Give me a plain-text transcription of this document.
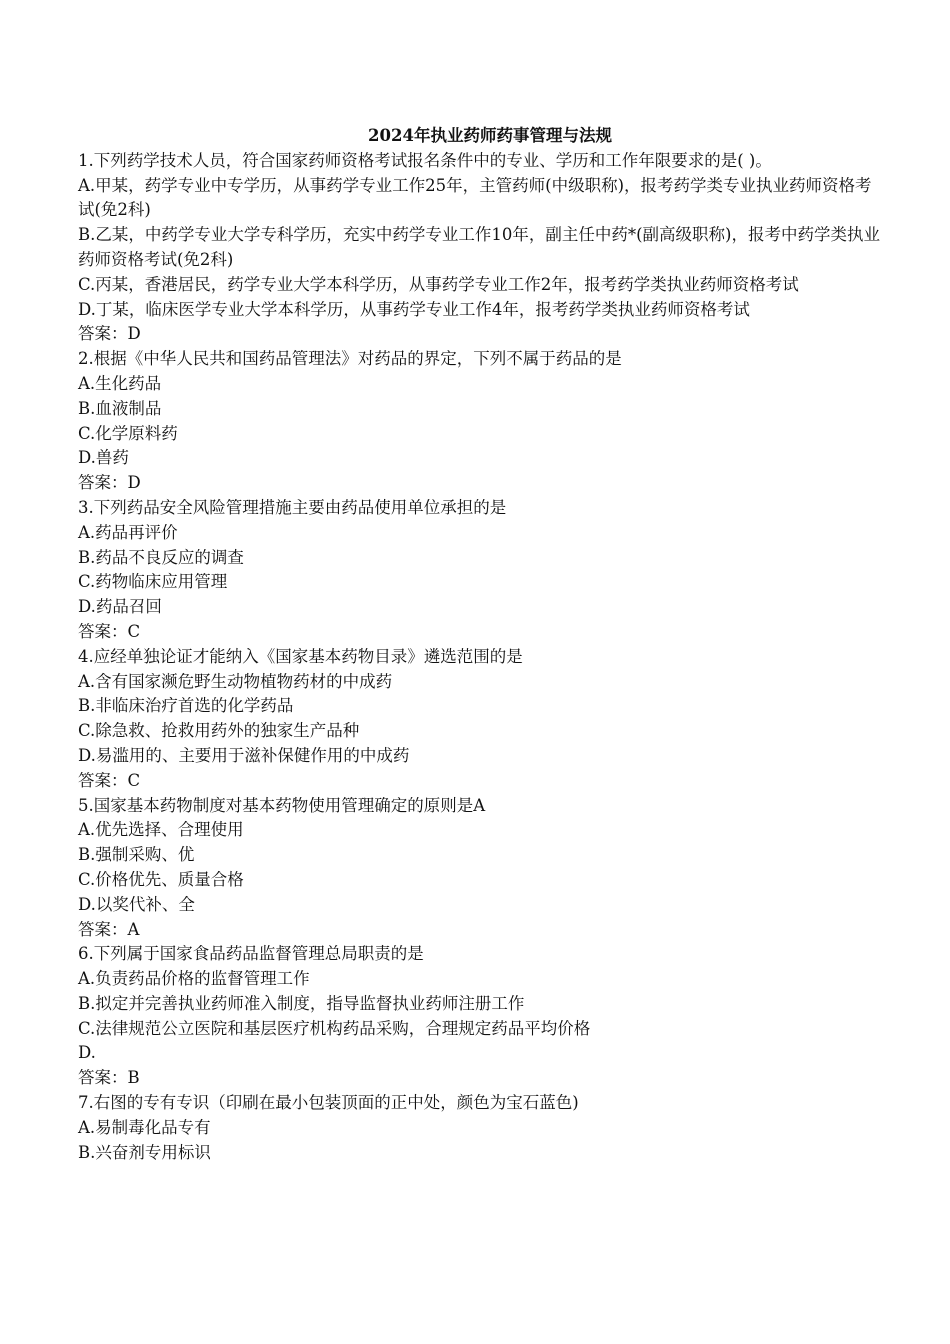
2024年执业药师药事管理与法规

1.下列药学技术人员，符合国家药师资格考试报名条件中的专业、学历和工作年限要求的是( )。

A.甲某，药学专业中专学历，从事药学专业工作25年，主管药师(中级职称)，报考药学类专业执业药师资格考试(免2科)

B.乙某，中药学专业大学专科学历，充实中药学专业工作10年，副主任中药*(副高级职称)，报考中药学类执业药师资格考试(免2科)

C.丙某，香港居民，药学专业大学本科学历，从事药学专业工作2年，报考药学类执业药师资格考试

D.丁某，临床医学专业大学本科学历，从事药学专业工作4年，报考药学类执业药师资格考试

答案：D

2.根据《中华人民共和国药品管理法》对药品的界定，下列不属于药品的是

A.生化药品

B.血液制品

C.化学原料药

D.兽药

答案：D

3.下列药品安全风险管理措施主要由药品使用单位承担的是

A.药品再评价

B.药品不良反应的调查

C.药物临床应用管理

D.药品召回

答案：C

4.应经单独论证才能纳入《国家基本药物目录》遴选范围的是

A.含有国家濒危野生动物植物药材的中成药

B.非临床治疗首选的化学药品

C.除急救、抢救用药外的独家生产品种

D.易滥用的、主要用于滋补保健作用的中成药

答案：C

5.国家基本药物制度对基本药物使用管理确定的原则是A

A.优先选择、合理使用

B.强制采购、优

C.价格优先、质量合格

D.以奖代补、全

答案：A

6.下列属于国家食品药品监督管理总局职责的是

A.负责药品价格的监督管理工作

B.拟定并完善执业药师准入制度，指导监督执业药师注册工作

C.法律规范公立医院和基层医疗机构药品采购，合理规定药品平均价格

D.

答案：B

7.右图的专有专识（印刷在最小包装顶面的正中处，颜色为宝石蓝色)

A.易制毒化品专有

B.兴奋剂专用标识
